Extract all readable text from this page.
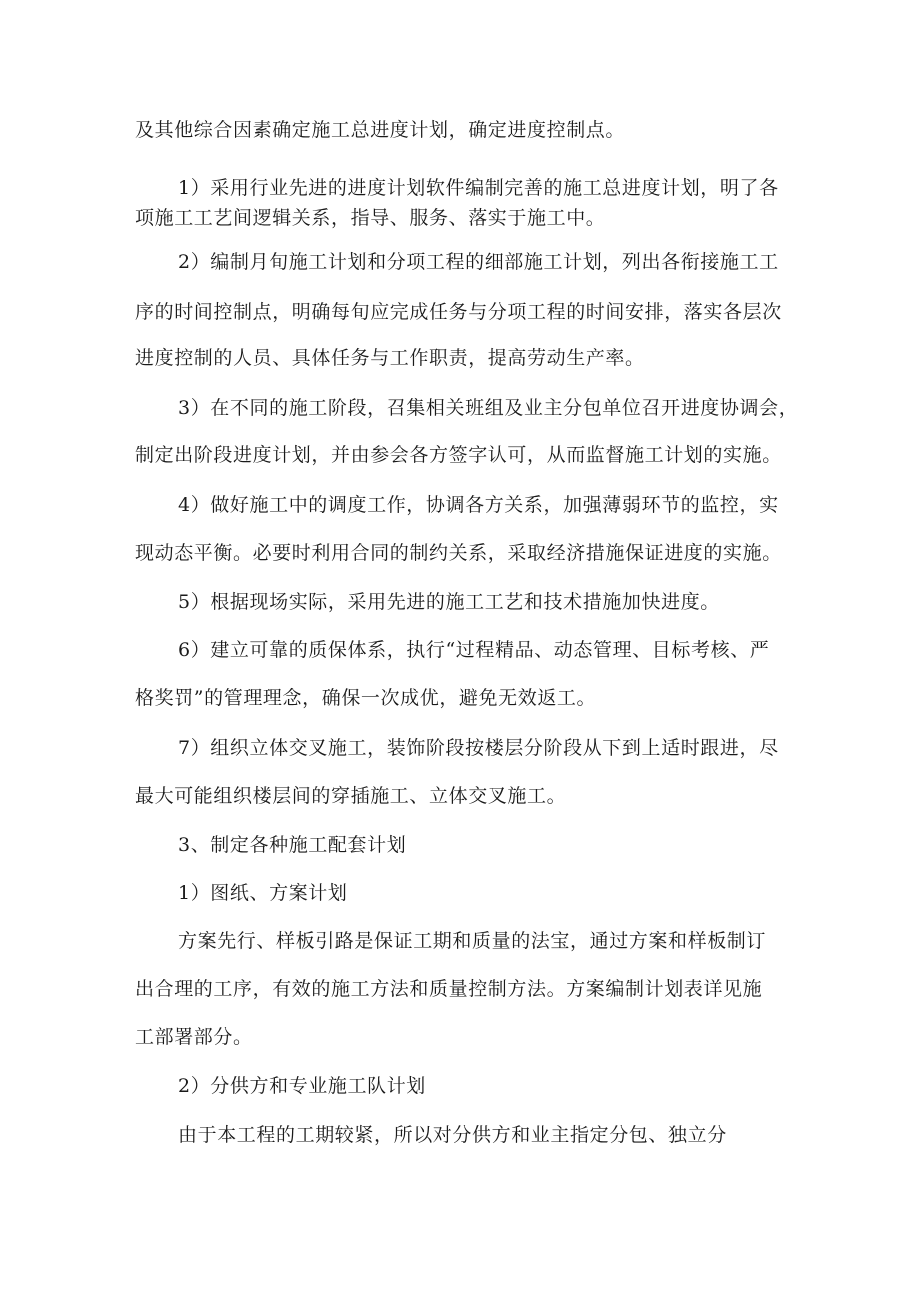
及其他综合因素确定施工总进度计划，确定进度控制点。
1）采用行业先进的进度计划软件编制完善的施工总进度计划，明了各
项施工工艺间逻辑关系，指导、服务、落实于施工中。
2）编制月旬施工计划和分项工程的细部施工计划，列出各衔接施工工
序的时间控制点，明确每旬应完成任务与分项工程的时间安排，落实各层次
进度控制的人员、具体任务与工作职责，提高劳动生产率。
3）在不同的施工阶段，召集相关班组及业主分包单位召开进度协调会，
制定出阶段进度计划，并由参会各方签字认可，从而监督施工计划的实施。
4）做好施工中的调度工作，协调各方关系，加强薄弱环节的监控，实
现动态平衡。必要时利用合同的制约关系，采取经济措施保证进度的实施。
5）根据现场实际，采用先进的施工工艺和技术措施加快进度。
6）建立可靠的质保体系，执行“过程精品、动态管理、目标考核、严
格奖罚”的管理理念，确保一次成优，避免无效返工。
7）组织立体交叉施工，装饰阶段按楼层分阶段从下到上适时跟进，尽
最大可能组织楼层间的穿插施工、立体交叉施工。
3、制定各种施工配套计划
1）图纸、方案计划
方案先行、样板引路是保证工期和质量的法宝，通过方案和样板制订
出合理的工序，有效的施工方法和质量控制方法。方案编制计划表详见施
工部署部分。
2）分供方和专业施工队计划
由于本工程的工期较紧，所以对分供方和业主指定分包、独立分
